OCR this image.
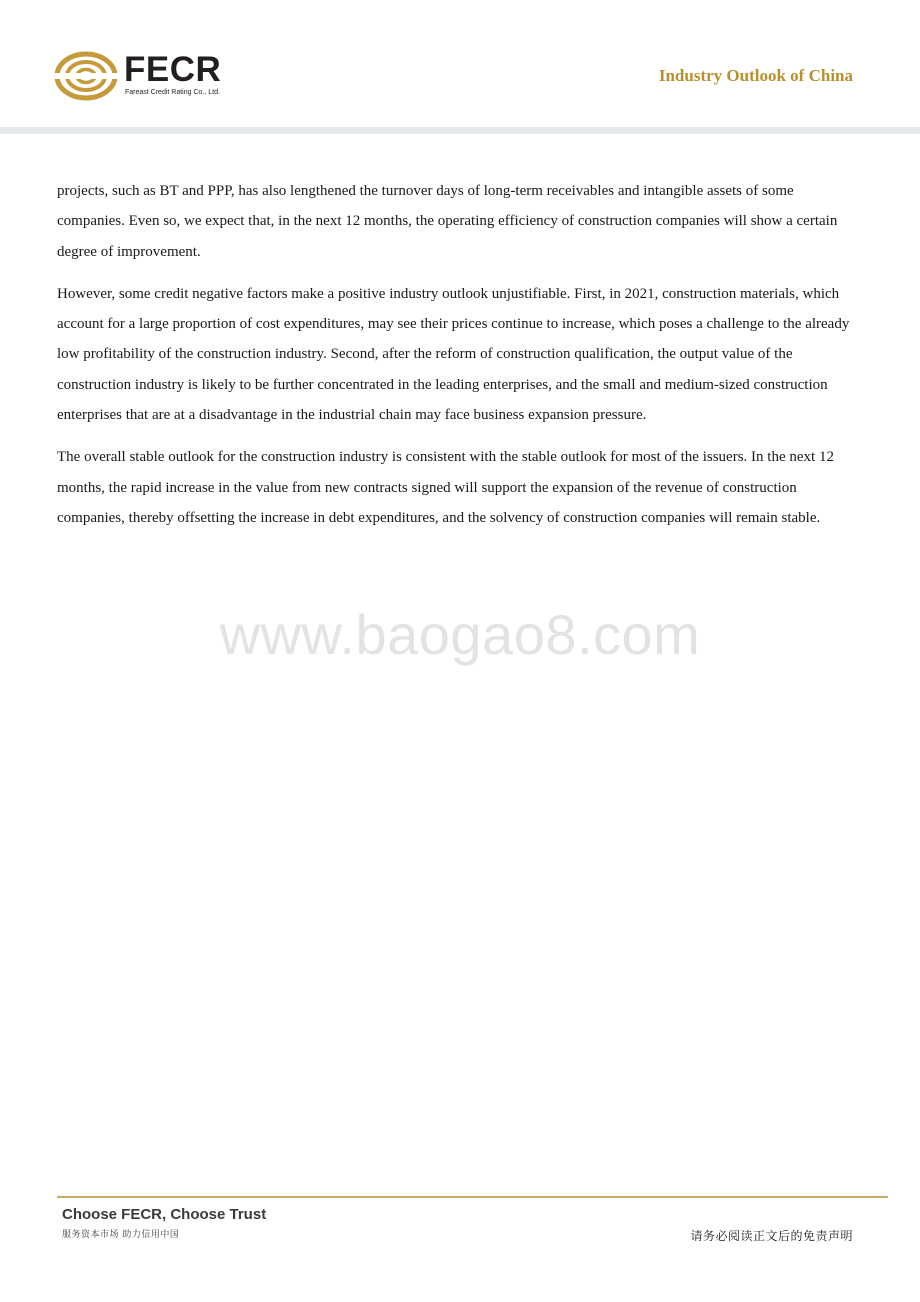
FECR
Fareast Credit Rating Co., Ltd.
Industry Outlook of China

projects, such as BT and PPP, has also lengthened the turnover days of long-term receivables and intangible assets of some companies. Even so, we expect that, in the next 12 months, the operating efficiency of construction companies will show a certain degree of improvement.

However, some credit negative factors make a positive industry outlook unjustifiable. First, in 2021, construction materials, which account for a large proportion of cost expenditures, may see their prices continue to increase, which poses a challenge to the already low profitability of the construction industry. Second, after the reform of construction qualification, the output value of the construction industry is likely to be further concentrated in the leading enterprises, and the small and medium-sized construction enterprises that are at a disadvantage in the industrial chain may face business expansion pressure.

The overall stable outlook for the construction industry is consistent with the stable outlook for most of the issuers. In the next 12 months, the rapid increase in the value from new contracts signed will support the expansion of the revenue of construction companies, thereby offsetting the increase in debt expenditures, and the solvency of construction companies will remain stable.

www.baogao8.com
Choose FECR, Choose Trust
服务资本市场 助力信用中国	请务必阅读正文后的免责声明
